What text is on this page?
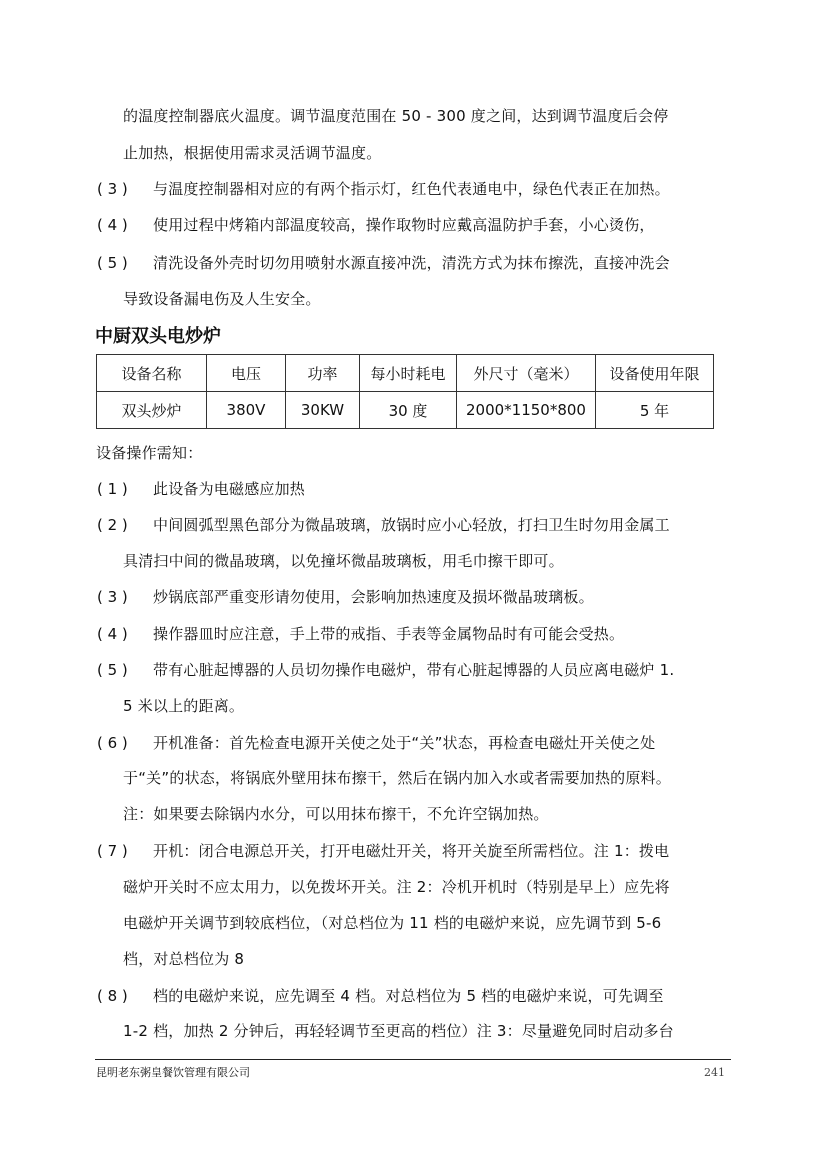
的温度控制器底火温度。调节温度范围在 50 - 300 度之间，达到调节温度后会停
止加热，根据使用需求灵活调节温度。
( 3 ) 与温度控制器相对应的有两个指示灯，红色代表通电中，绿色代表正在加热。
( 4 ) 使用过程中烤箱内部温度较高，操作取物时应戴高温防护手套，小心烫伤，
( 5 ) 清洗设备外壳时切勿用喷射水源直接冲洗，清洗方式为抹布擦洗，直接冲洗会
导致设备漏电伤及人生安全。
中厨双头电炒炉
设备名称	电压	功率	每小时耗电	外尺寸（毫米）	设备使用年限
双头炒炉	380V	30KW	30 度	2000*1150*800	5 年
设备操作需知：
( 1 ) 此设备为电磁感应加热
( 2 ) 中间圆弧型黑色部分为微晶玻璃，放锅时应小心轻放，打扫卫生时勿用金属工
具清扫中间的微晶玻璃，以免撞坏微晶玻璃板，用毛巾擦干即可。
( 3 ) 炒锅底部严重变形请勿使用，会影响加热速度及损坏微晶玻璃板。
( 4 ) 操作器皿时应注意，手上带的戒指、手表等金属物品时有可能会受热。
( 5 ) 带有心脏起博器的人员切勿操作电磁炉，带有心脏起博器的人员应离电磁炉 1.
5 米以上的距离。
( 6 ) 开机准备：首先检查电源开关使之处于“关”状态，再检查电磁灶开关使之处
于“关”的状态，将锅底外壁用抹布擦干，然后在锅内加入水或者需要加热的原料。
注：如果要去除锅内水分，可以用抹布擦干，不允许空锅加热。
( 7 ) 开机：闭合电源总开关，打开电磁灶开关，将开关旋至所需档位。注 1：拨电
磁炉开关时不应太用力，以免拨坏开关。注 2：冷机开机时（特别是早上）应先将
电磁炉开关调节到较底档位，（对总档位为 11 档的电磁炉来说，应先调节到 5-6
档，对总档位为 8
( 8 ) 档的电磁炉来说，应先调至 4 档。对总档位为 5 档的电磁炉来说，可先调至
1-2 档，加热 2 分钟后，再轻轻调节至更高的档位）注 3：尽量避免同时启动多台
昆明老东粥皇餐饮管理有限公司	241
